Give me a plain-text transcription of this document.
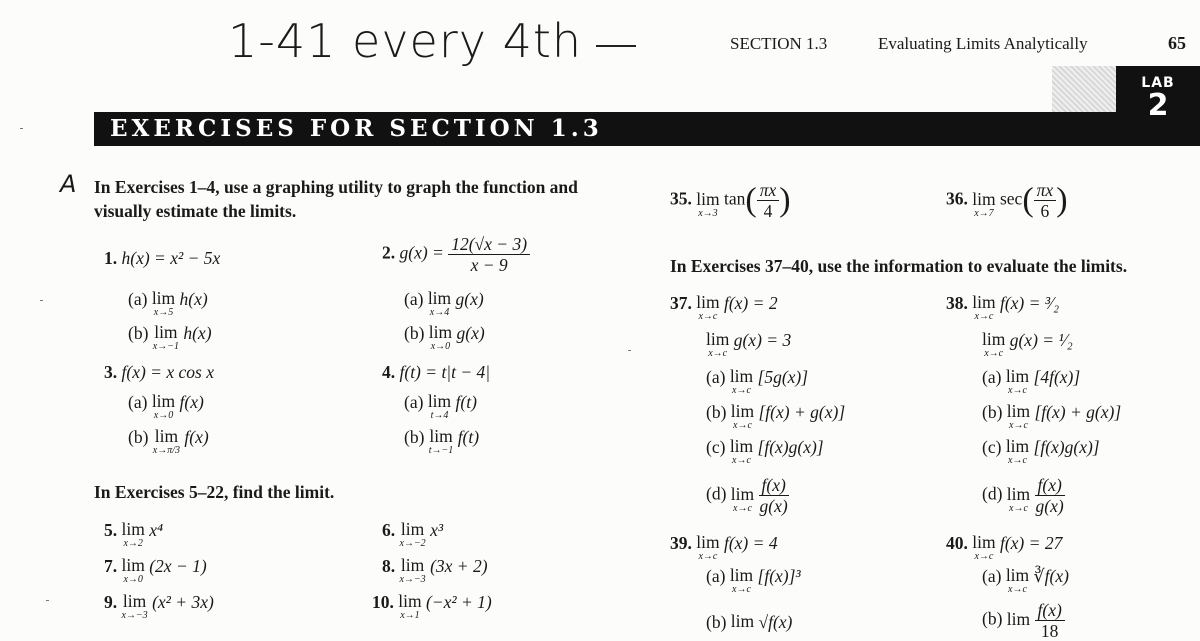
1-41 every 4th
A
SECTION 1.3	Evaluating Limits Analytically	65
LAB
2
EXERCISES FOR SECTION 1.3
In Exercises 1–4, use a graphing utility to graph the function and visually estimate the limits.
1. h(x) = x² − 5x
(a) lim
x→5
h(x)
(b) lim
x→−1
h(x)
2. $g(x) = \frac{12(√x - 3)}{x - 9}$
(a) lim
x→4
g(x)
(b) lim
x→0
g(x)
3. f(x) = x cos x
(a) lim
x→0
f(x)
(b) lim
x→π/3
f(x)
4. f(t) = t|t − 4|
(a) lim
t→4
f(t)
(b) lim
t→−1
f(t)
In Exercises 5–22, find the limit.
5. lim
x→2
x⁴	6. lim
x→−2
x³
7. lim
x→0
(2x − 1)	8. lim
x→−3
(3x + 2)
9. lim
x→−3
(x² + 3x)	10. lim
x→1
(−x² + 1)
35. lim
x→3
$\tan( \frac{\pi x}{4}$ )	36. lim
x→7
$\sec( \frac{\pi x}{6}$ )
In Exercises 37–40, use the information to evaluate the limits.
37. lim
x→c
f(x) = 2
lim
x→c
g(x) = 3
(a) lim
x→c
[5g(x)]
(b) lim
x→c
[f(x) + g(x)]
(c) lim
x→c
[f(x)g(x)]
(d) lim
x→c
$\frac{f(x)}{g(x)}$
38. lim
x→c
f(x) = ³⁄₂
lim
x→c
g(x) = ¹⁄₂
(a) lim
x→c
[4f(x)]
(b) lim
x→c
[f(x) + g(x)]
(c) lim
x→c
[f(x)g(x)]
(d) lim
x→c
$\frac{f(x)}{g(x)}$
39. lim
x→c
f(x) = 4
(a) lim
x→c
[f(x)]³
(b) lim √f(x)
40. lim
x→c
f(x) = 27
(a) lim
x→c
∛f(x)
(b) lim
$\frac{f(x)}{18}$
